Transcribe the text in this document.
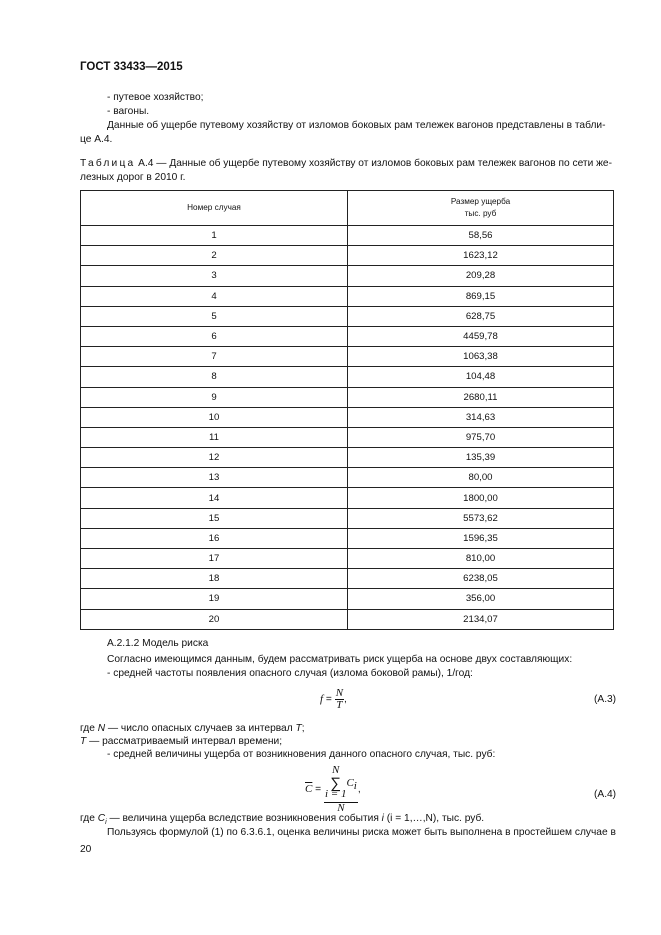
ГОСТ 33433—2015
- путевое хозяйство;
- вагоны.
Данные об ущербе путевому хозяйству от изломов боковых рам тележек вагонов представлены в табли-
це А.4.
Таблица А.4 — Данные об ущербе путевому хозяйству от изломов боковых рам тележек вагонов по сети же-
лезных дорог в 2010 г.
Номер случая	Размер ущерба
тыс. руб

1	58,56
2	1623,12
3	209,28
4	869,15
5	628,75
6	4459,78
7	1063,38
8	104,48
9	2680,11
10	314,63
11	975,70
12	135,39
13	80,00
14	1800,00
15	5573,62
16	1596,35
17	810,00
18	6238,05
19	356,00
20	2134,07
А.2.1.2 Модель риска
Согласно имеющимся данным, будем рассматривать риск ущерба на основе двух составляющих:
- средней частоты появления опасного случая (излома боковой рамы), 1/год:
$f = \frac{N}{T}$ ,	(А.3)
где N — число опасных случаев за интервал T;
T — рассматриваемый интервал времени;
- средней величины ущерба от возникновения данного опасного случая, тыс. руб:
$\overline{C} = N$
∑
i = 1
$C_i$
N ,	(А.4)
где $C_i$ — величина ущерба вследствие возникновения события i (i = 1,…,N), тыс. руб.
Пользуясь формулой (1) по 6.3.6.1, оценка величины риска может быть выполнена в простейшем случае в
20
